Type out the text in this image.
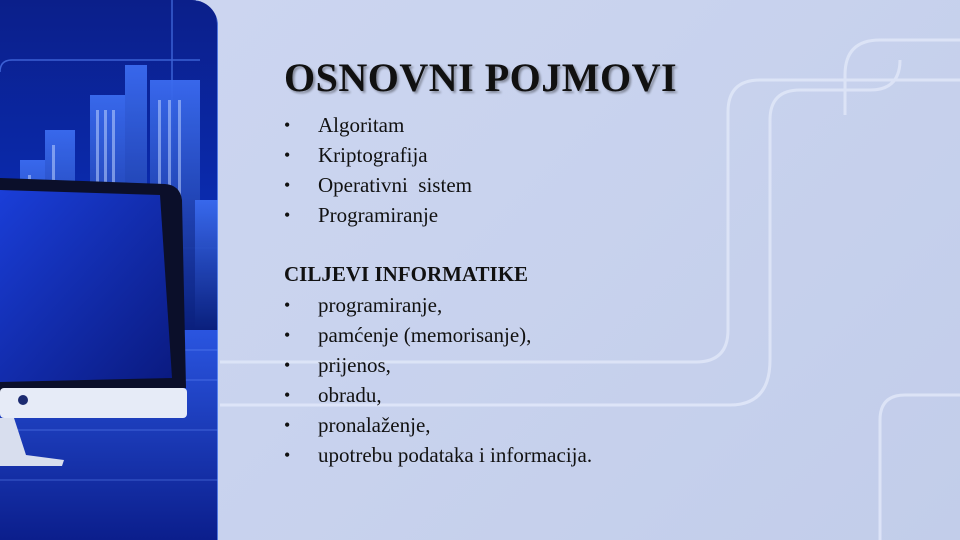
OSNOVNI POJMOVI
• Algoritam
• Kriptografija
• Operativni  sistem
• Programiranje
CILJEVI INFORMATIKE
• programiranje,
• pamćenje (memorisanje),
• prijenos,
• obradu,
• pronalaženje,
• upotrebu podataka i informacija.
